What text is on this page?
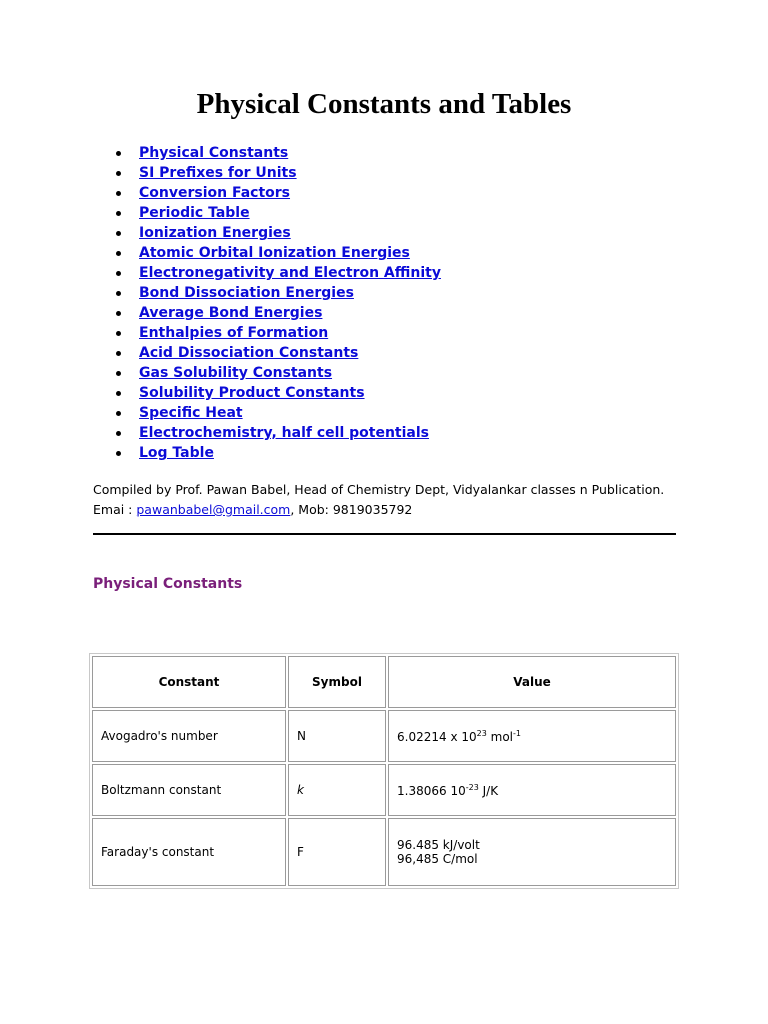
Physical Constants and Tables
Physical Constants
SI Prefixes for Units
Conversion Factors
Periodic Table
Ionization Energies
Atomic Orbital Ionization Energies
Electronegativity and Electron Affinity
Bond Dissociation Energies
Average Bond Energies
Enthalpies of Formation
Acid Dissociation Constants
Gas Solubility Constants
Solubility Product Constants
Specific Heat
Electrochemistry, half cell potentials
Log Table
Compiled by Prof. Pawan Babel, Head of Chemistry Dept, Vidyalankar classes n Publication.
Emai : pawanbabel@gmail.com, Mob: 9819035792
Physical Constants
Constant	Symbol	Value
Avogadro's number	N	6.02214 x $10^{23}$ mol$^{-1}$
Boltzmann constant	k	1.38066 $10^{-23}$ J/K
Faraday's constant	F	96.485 kJ/volt
96,485 C/mol
